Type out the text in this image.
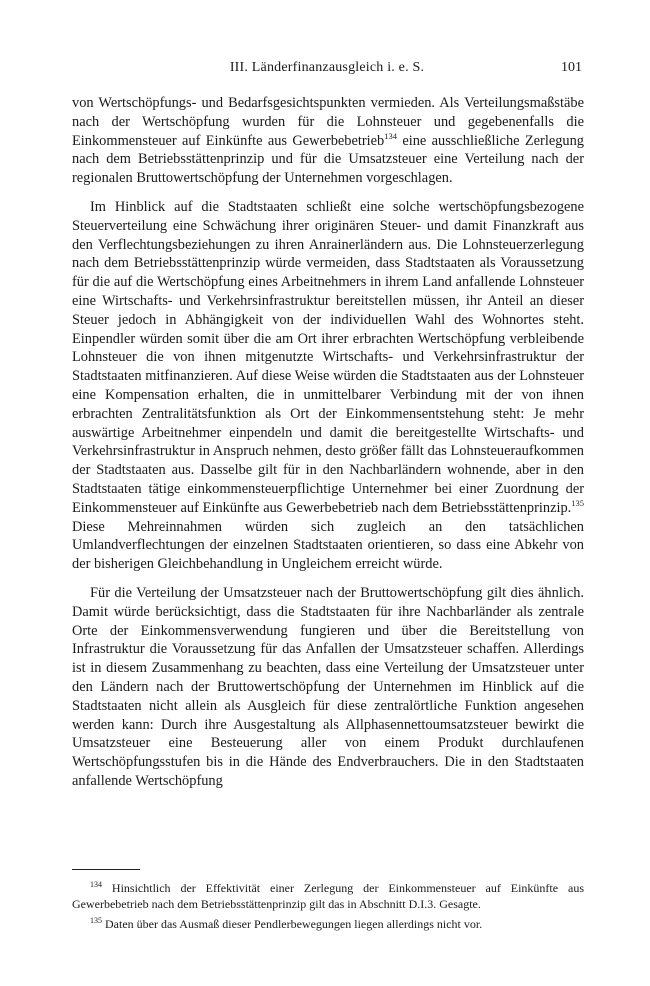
III. Länderfinanzausgleich i. e. S.	101

von Wertschöpfungs- und Bedarfsgesichtspunkten vermieden. Als Verteilungsmaßstäbe nach der Wertschöpfung wurden für die Lohnsteuer und gegebenenfalls die Einkommensteuer auf Einkünfte aus Gewerbebetrieb$^{134}$ eine ausschließliche Zerlegung nach dem Betriebsstättenprinzip und für die Umsatzsteuer eine Verteilung nach der regionalen Bruttowertschöpfung der Unternehmen vorgeschlagen.

Im Hinblick auf die Stadtstaaten schließt eine solche wertschöpfungsbezogene Steuerverteilung eine Schwächung ihrer originären Steuer- und damit Finanzkraft aus den Verflechtungsbeziehungen zu ihren Anrainerländern aus. Die Lohnsteuerzerlegung nach dem Betriebsstättenprinzip würde vermeiden, dass Stadtstaaten als Voraussetzung für die auf die Wertschöpfung eines Arbeitnehmers in ihrem Land anfallende Lohnsteuer eine Wirtschafts- und Verkehrsinfrastruktur bereitstellen müssen, ihr Anteil an dieser Steuer jedoch in Abhängigkeit von der individuellen Wahl des Wohnortes steht. Einpendler würden somit über die am Ort ihrer erbrachten Wertschöpfung verbleibende Lohnsteuer die von ihnen mitgenutzte Wirtschafts- und Verkehrsinfrastruktur der Stadtstaaten mitfinanzieren. Auf diese Weise würden die Stadtstaaten aus der Lohnsteuer eine Kompensation erhalten, die in unmittelbarer Verbindung mit der von ihnen erbrachten Zentralitätsfunktion als Ort der Einkommensentstehung steht: Je mehr auswärtige Arbeitnehmer einpendeln und damit die bereitgestellte Wirtschafts- und Verkehrsinfrastruktur in Anspruch nehmen, desto größer fällt das Lohnsteueraufkommen der Stadtstaaten aus. Dasselbe gilt für in den Nachbarländern wohnende, aber in den Stadtstaaten tätige einkommensteuerpflichtige Unternehmer bei einer Zuordnung der Einkommensteuer auf Einkünfte aus Gewerbebetrieb nach dem Betriebsstättenprinzip.$^{135}$ Diese Mehreinnahmen würden sich zugleich an den tatsächlichen Umlandverflechtungen der einzelnen Stadtstaaten orientieren, so dass eine Abkehr von der bisherigen Gleichbehandlung in Ungleichem erreicht würde.

Für die Verteilung der Umsatzsteuer nach der Bruttowertschöpfung gilt dies ähnlich. Damit würde berücksichtigt, dass die Stadtstaaten für ihre Nachbarländer als zentrale Orte der Einkommensverwendung fungieren und über die Bereitstellung von Infrastruktur die Voraussetzung für das Anfallen der Umsatzsteuer schaffen. Allerdings ist in diesem Zusammenhang zu beachten, dass eine Verteilung der Umsatzsteuer unter den Ländern nach der Bruttowertschöpfung der Unternehmen im Hinblick auf die Stadtstaaten nicht allein als Ausgleich für diese zentralörtliche Funktion angesehen werden kann: Durch ihre Ausgestaltung als Allphasennettoumsatzsteuer bewirkt die Umsatzsteuer eine Besteuerung aller von einem Produkt durchlaufenen Wertschöpfungsstufen bis in die Hände des Endverbrauchers. Die in den Stadtstaaten anfallende Wertschöpfung

$^{134}$ Hinsichtlich der Effektivität einer Zerlegung der Einkommensteuer auf Einkünfte aus Gewerbebetrieb nach dem Betriebsstättenprinzip gilt das in Abschnitt D.I.3. Gesagte.
$^{135}$ Daten über das Ausmaß dieser Pendlerbewegungen liegen allerdings nicht vor.
